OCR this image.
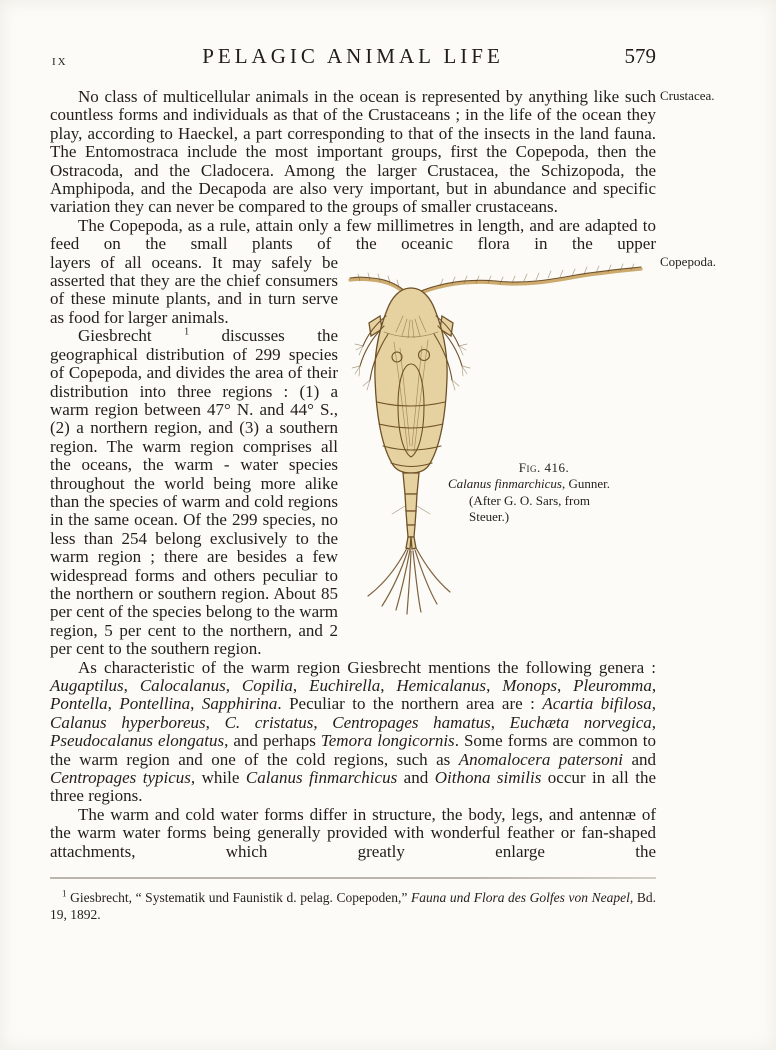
IX	PELAGIC ANIMAL LIFE	579

No class of multicellular animals in the ocean is represented by anything like such countless forms and individuals as that of the Crustaceans ; in the life of the ocean they play, according to Haeckel, a part corresponding to that of the insects in the land fauna. The Entomostraca include the most important groups, first the Copepoda, then the Ostracoda, and the Cladocera. Among the larger Crustacea, the Schizopoda, the Amphipoda, and the Decapoda are also very important, but in abundance and specific variation they can never be compared to the groups of smaller crustaceans.

The Copepoda, as a rule, attain only a few millimetres in length, and are adapted to feed on the small plants of the oceanic flora in the upper

Fig. 416.
Calanus finmarchicus, Gunner.
(After G. O. Sars, from
Steuer.)

layers of all oceans. It may safely be asserted that they are the chief consumers of these minute plants, and in turn serve as food for larger animals.

Giesbrecht $^1$ discusses the geographical distribution of 299 species of Copepoda, and divides the area of their distribution into three regions : (1) a warm region between 47° N. and 44° S., (2) a northern region, and (3) a southern region. The warm region comprises all the oceans, the warm - water species throughout the world being more alike than the species of warm and cold regions in the same ocean. Of the 299 species, no less than 254 belong exclusively to the warm region ; there are besides a few widespread forms and others peculiar to the northern or southern region. About 85 per cent of the species belong to the warm region, 5 per cent to the northern, and 2 per cent to the southern region.

As characteristic of the warm region Giesbrecht mentions the following genera : Augaptilus, Calocalanus, Copilia, Euchirella, Hemicalanus, Monops, Pleuromma, Pontella, Pontellina, Sapphirina. Peculiar to the northern area are : Acartia bifilosa, Calanus hyperboreus, C. cristatus, Centropages hamatus, Euchæta norvegica, Pseudocalanus elongatus, and perhaps Temora longicornis. Some forms are common to the warm region and one of the cold regions, such as Anomalocera patersoni and Centropages typicus, while Calanus finmarchicus and Oithona similis occur in all the three regions.

The warm and cold water forms differ in structure, the body, legs, and antennæ of the warm water forms being generally provided with wonderful feather or fan-shaped attachments, which greatly enlarge the

$^1$ Giesbrecht, “ Systematik und Faunistik d. pelag. Copepoden,” Fauna und Flora des Golfes von Neapel, Bd. 19, 1892.

Crustacea.
Copepoda.
